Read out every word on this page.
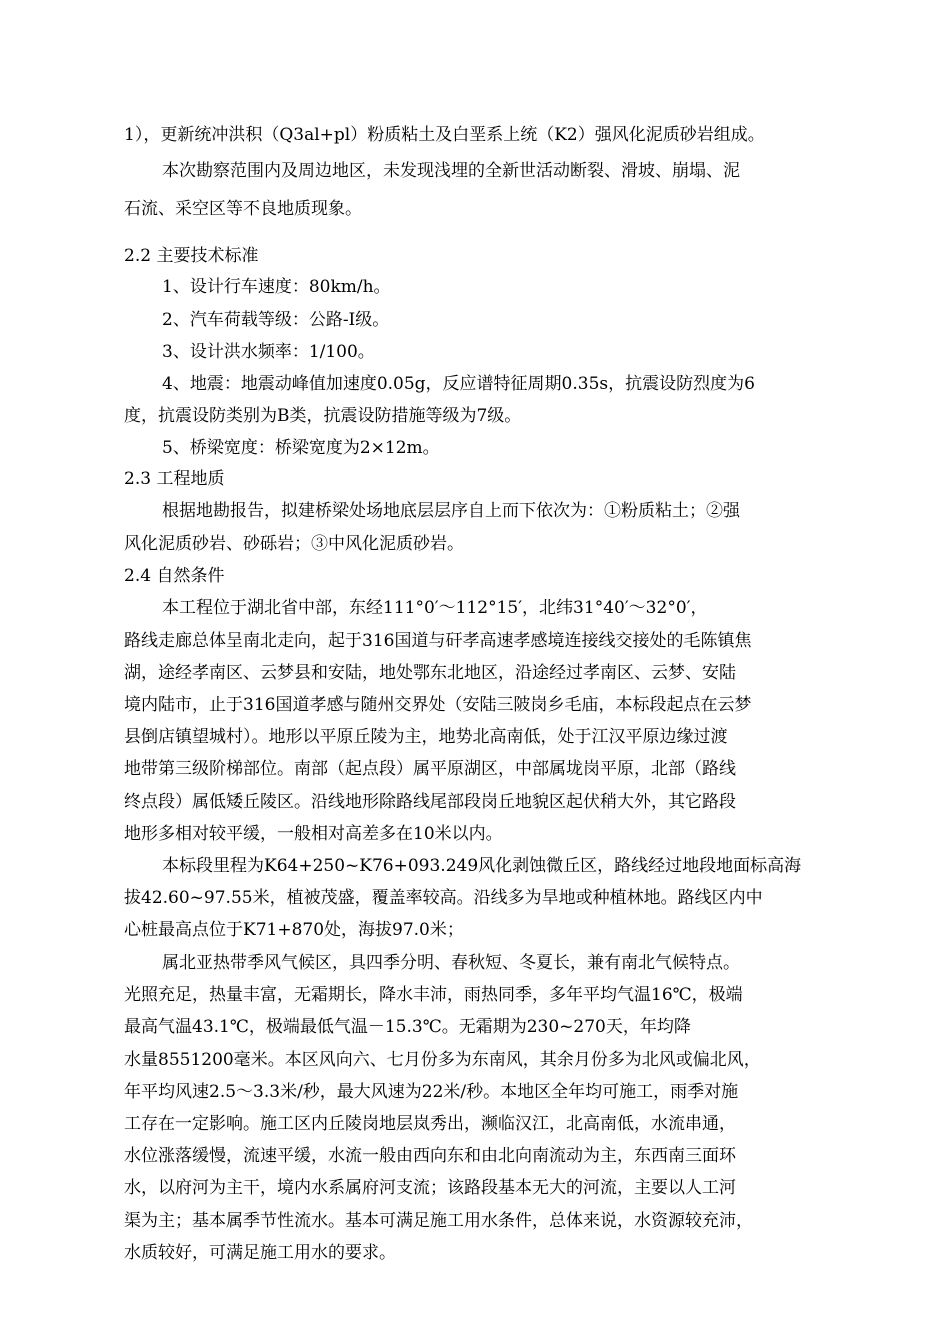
1），更新统冲洪积（Q3al+pl）粉质粘土及白垩系上统（K2）强风化泥质砂岩组成。
本次勘察范围内及周边地区，未发现浅埋的全新世活动断裂、滑坡、崩塌、泥
石流、采空区等不良地质现象。
2.2 主要技术标准
1、设计行车速度：80km/h。
2、汽车荷载等级：公路-I级。
3、设计洪水频率：1/100。
4、地震：地震动峰值加速度0.05g，反应谱特征周期0.35s，抗震设防烈度为6
度，抗震设防类别为B类，抗震设防措施等级为7级。
5、桥梁宽度：桥梁宽度为2×12m。
2.3 工程地质
根据地勘报告，拟建桥梁处场地底层层序自上而下依次为：①粉质粘土；②强
风化泥质砂岩、砂砾岩；③中风化泥质砂岩。
2.4 自然条件
本工程位于湖北省中部，东经111°0′～112°15′，北纬31°40′～32°0′，
路线走廊总体呈南北走向，起于316国道与矸孝高速孝感境连接线交接处的毛陈镇焦
湖，途经孝南区、云梦县和安陆，地处鄂东北地区，沿途经过孝南区、云梦、安陆
境内陆市，止于316国道孝感与随州交界处（安陆三陂岗乡毛庙，本标段起点在云梦
县倒店镇望城村）。地形以平原丘陵为主，地势北高南低，处于江汉平原边缘过渡
地带第三级阶梯部位。南部（起点段）属平原湖区，中部属垅岗平原，北部（路线
终点段）属低矮丘陵区。沿线地形除路线尾部段岗丘地貌区起伏稍大外，其它路段
地形多相对较平缓，一般相对高差多在10米以内。
本标段里程为K64+250~K76+093.249风化剥蚀微丘区，路线经过地段地面标高海
拔42.60~97.55米，植被茂盛，覆盖率较高。沿线多为旱地或种植林地。路线区内中
心桩最高点位于K71+870处，海拔97.0米；
属北亚热带季风气候区，具四季分明、春秋短、冬夏长，兼有南北气候特点。
光照充足，热量丰富，无霜期长，降水丰沛，雨热同季，多年平均气温16℃，极端
最高气温43.1℃，极端最低气温－15.3℃。无霜期为230~270天，年均降
水量8551200毫米。本区风向六、七月份多为东南风，其余月份多为北风或偏北风，
年平均风速2.5～3.3米/秒，最大风速为22米/秒。本地区全年均可施工，雨季对施
工存在一定影响。施工区内丘陵岗地层岚秀出，濒临汉江，北高南低，水流串通，
水位涨落缓慢，流速平缓，水流一般由西向东和由北向南流动为主，东西南三面环
水，以府河为主干，境内水系属府河支流；该路段基本无大的河流，主要以人工河
渠为主；基本属季节性流水。基本可满足施工用水条件，总体来说，水资源较充沛，
水质较好，可满足施工用水的要求。
